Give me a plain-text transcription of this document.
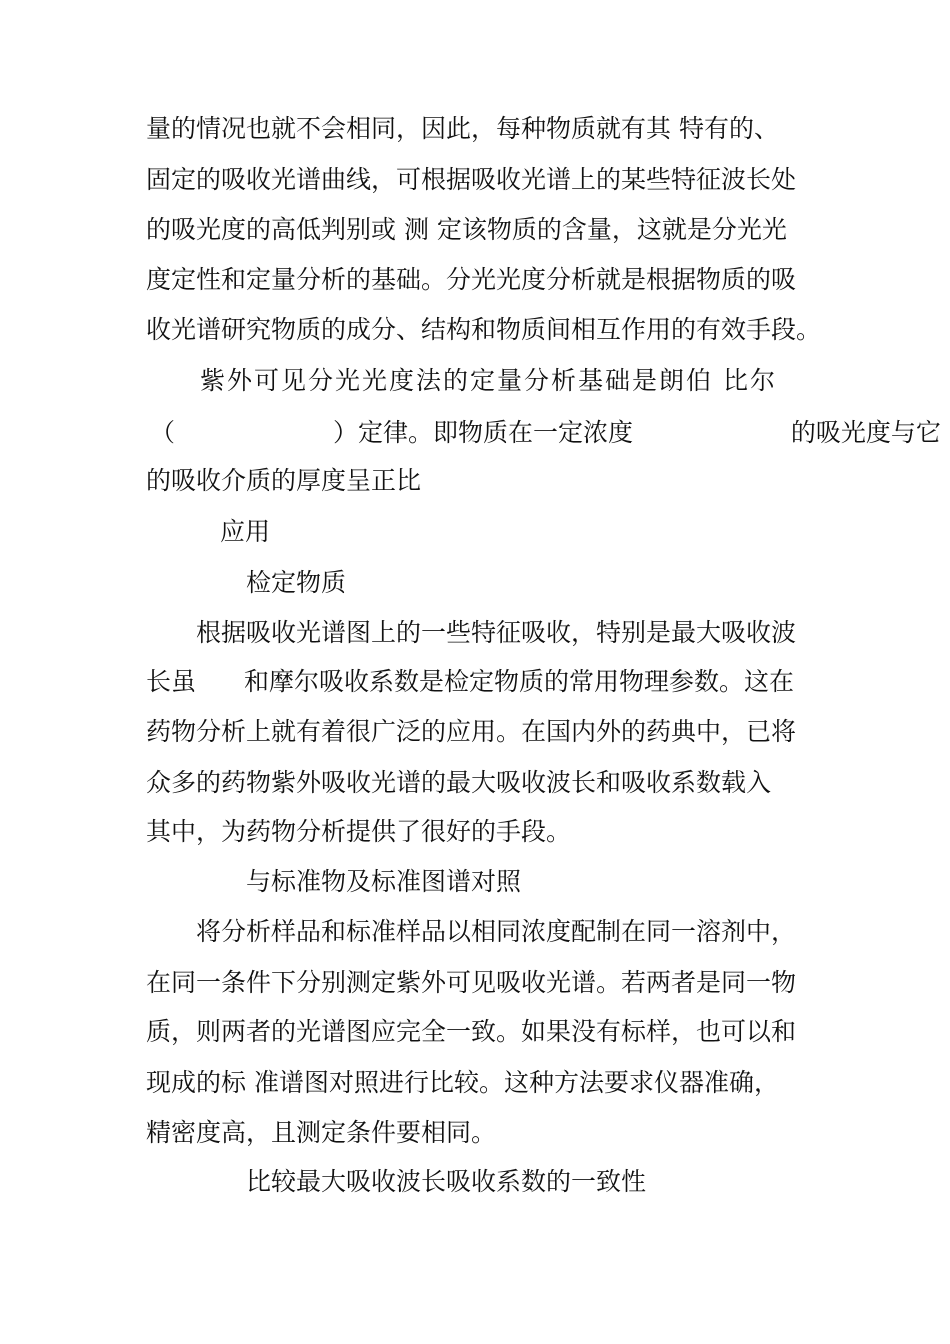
量的情况也就不会相同，因此，每种物质就有其 特有的、
固定的吸收光谱曲线，可根据吸收光谱上的某些特征波长处
的吸光度的高低判别或 测 定该物质的含量，这就是分光光
度定性和定量分析的基础。分光光度分析就是根据物质的吸
收光谱研究物质的成分、结构和物质间相互作用的有效手段。
紫外可见分光光度法的定量分析基础是朗伯 比尔
（ ）定律。即物质在一定浓度 的吸光度与它
的吸收介质的厚度呈正比
应用
检定物质
根据吸收光谱图上的一些特征吸收，特别是最大吸收波
长虽 和摩尔吸收系数是检定物质的常用物理参数。这在
药物分析上就有着很广泛的应用。在国内外的药典中，已将
众多的药物紫外吸收光谱的最大吸收波长和吸收系数载入
其中，为药物分析提供了很好的手段。
与标准物及标准图谱对照
将分析样品和标准样品以相同浓度配制在同一溶剂中，
在同一条件下分别测定紫外可见吸收光谱。若两者是同一物
质，则两者的光谱图应完全一致。如果没有标样，也可以和
现成的标 准谱图对照进行比较。这种方法要求仪器准确，
精密度高，且测定条件要相同。
比较最大吸收波长吸收系数的一致性
